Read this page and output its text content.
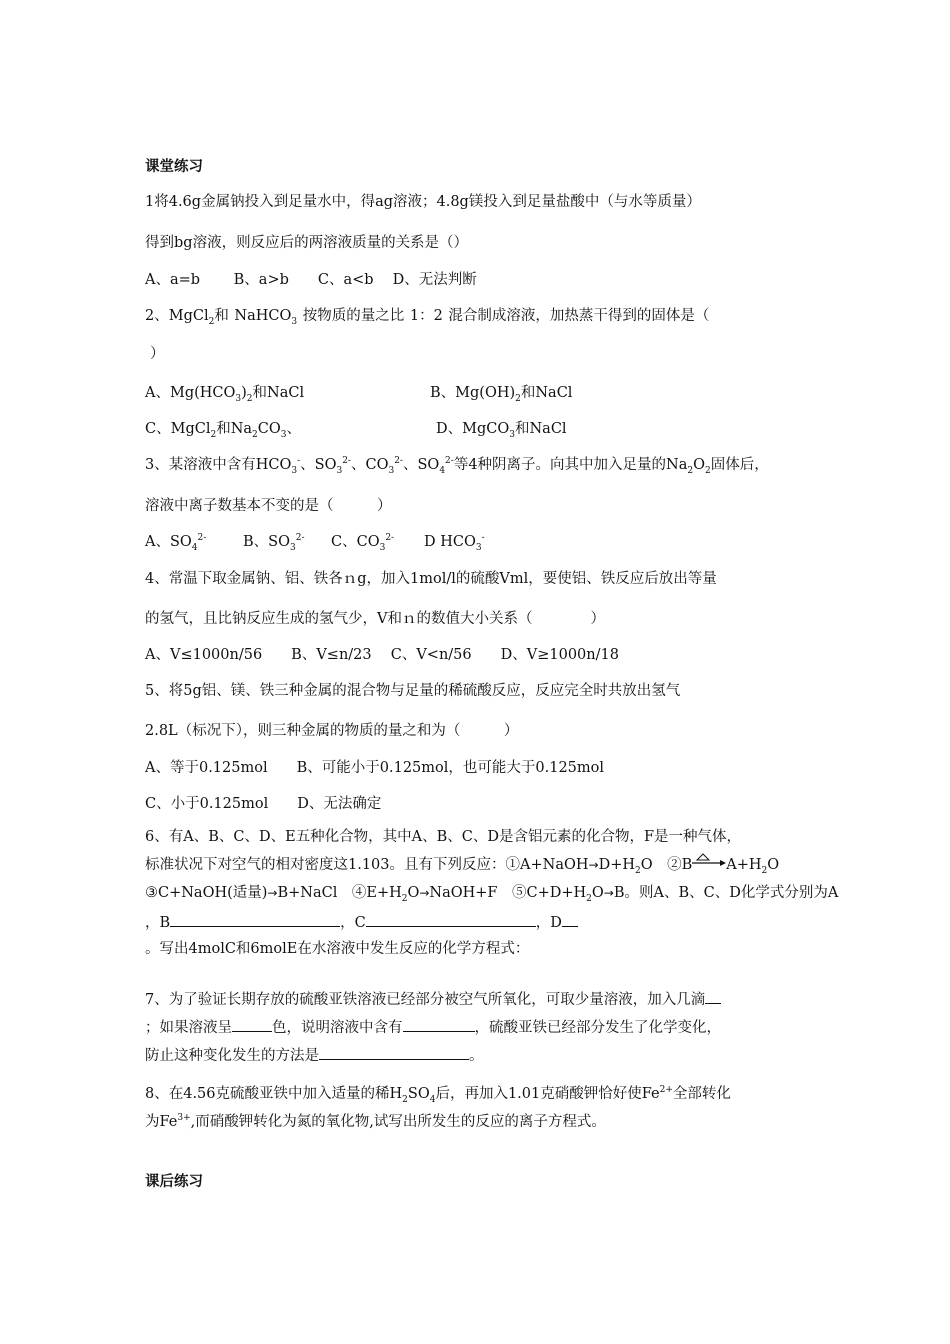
课堂练习
1将4.6g金属钠投入到足量水中，得ag溶液；4.8g镁投入到足量盐酸中（与水等质量）
得到bg溶液，则反应后的两溶液质量的关系是（）
A、a=b　　 B、a>b　　C、a<b　 D、无法判断
2、MgCl$_2$和 NaHCO$_3$ 按物质的量之比 1：2 混合制成溶液，加热蒸干得到的固体是（
）
A、$Mg(HCO_3)_2$和NaCl	B、$Mg(OH)_2$和NaCl
C、MgCl$_2$和$Na_2CO_3$、	D、MgCO$_3$和NaCl
3、某溶液中含有$HCO_3^-$、$SO_3^{2-}$、$CO_3^{2-}$、$SO_4^{2-}$等4种阴离子。向其中加入足量的$Na_2O_2$固体后，
溶液中离子数基本不变的是（　　　）
A、$SO_4^{2-}$	B、$SO_3^{2-}$ C、$CO_3^{2-}$ D $HCO_3^-$
4、常温下取金属钠、铝、铁各ｎg，加入1mol/l的硫酸Vml，要使铝、铁反应后放出等量
的氢气，且比钠反应生成的氢气少，V和ｎ的数值大小关系（　　　　）
A、V≤1000n/56　　B、V≤n/23　 C、V<n/56　　D、V≥1000n/18
5、将5g铝、镁、铁三种金属的混合物与足量的稀硫酸反应，反应完全时共放出氢气
2.8L（标况下），则三种金属的物质的量之和为（　　　）
A、等于0.125mol　　B、可能小于0.125mol，也可能大于0.125mol
C、小于0.125mol　　D、无法确定
6、有A、B、C、D、E五种化合物，其中A、B、C、D是含铝元素的化合物，F是一种气体，
标准状况下对空气的相对密度这1.103。且有下列反应：$①A+NaOH\to D+H_2O$　②B $A+H_2O$
③C+NaOH(适量)→B+NaCl　$④E+H_2O\to NaOH+F$　$⑤C+D+H_2O\to B$。则A、B、C、D化学式分别为A
，B	，C	，D
。写出4molC和6molE在水溶液中发生反应的化学方程式：
7、为了验证长期存放的硫酸亚铁溶液已经部分被空气所氧化，可取少量溶液，加入几滴
；如果溶液呈	色，说明溶液中含有	，硫酸亚铁已经部分发生了化学变化，
防止这种变化发生的方法是	。
8、在4.56克硫酸亚铁中加入适量的稀$H_2SO_4$后，再加入1.01克硝酸钾恰好使$Fe^{2+}$全部转化
为$Fe^{3+}$,而硝酸钾转化为氮的氧化物,试写出所发生的反应的离子方程式。
课后练习
